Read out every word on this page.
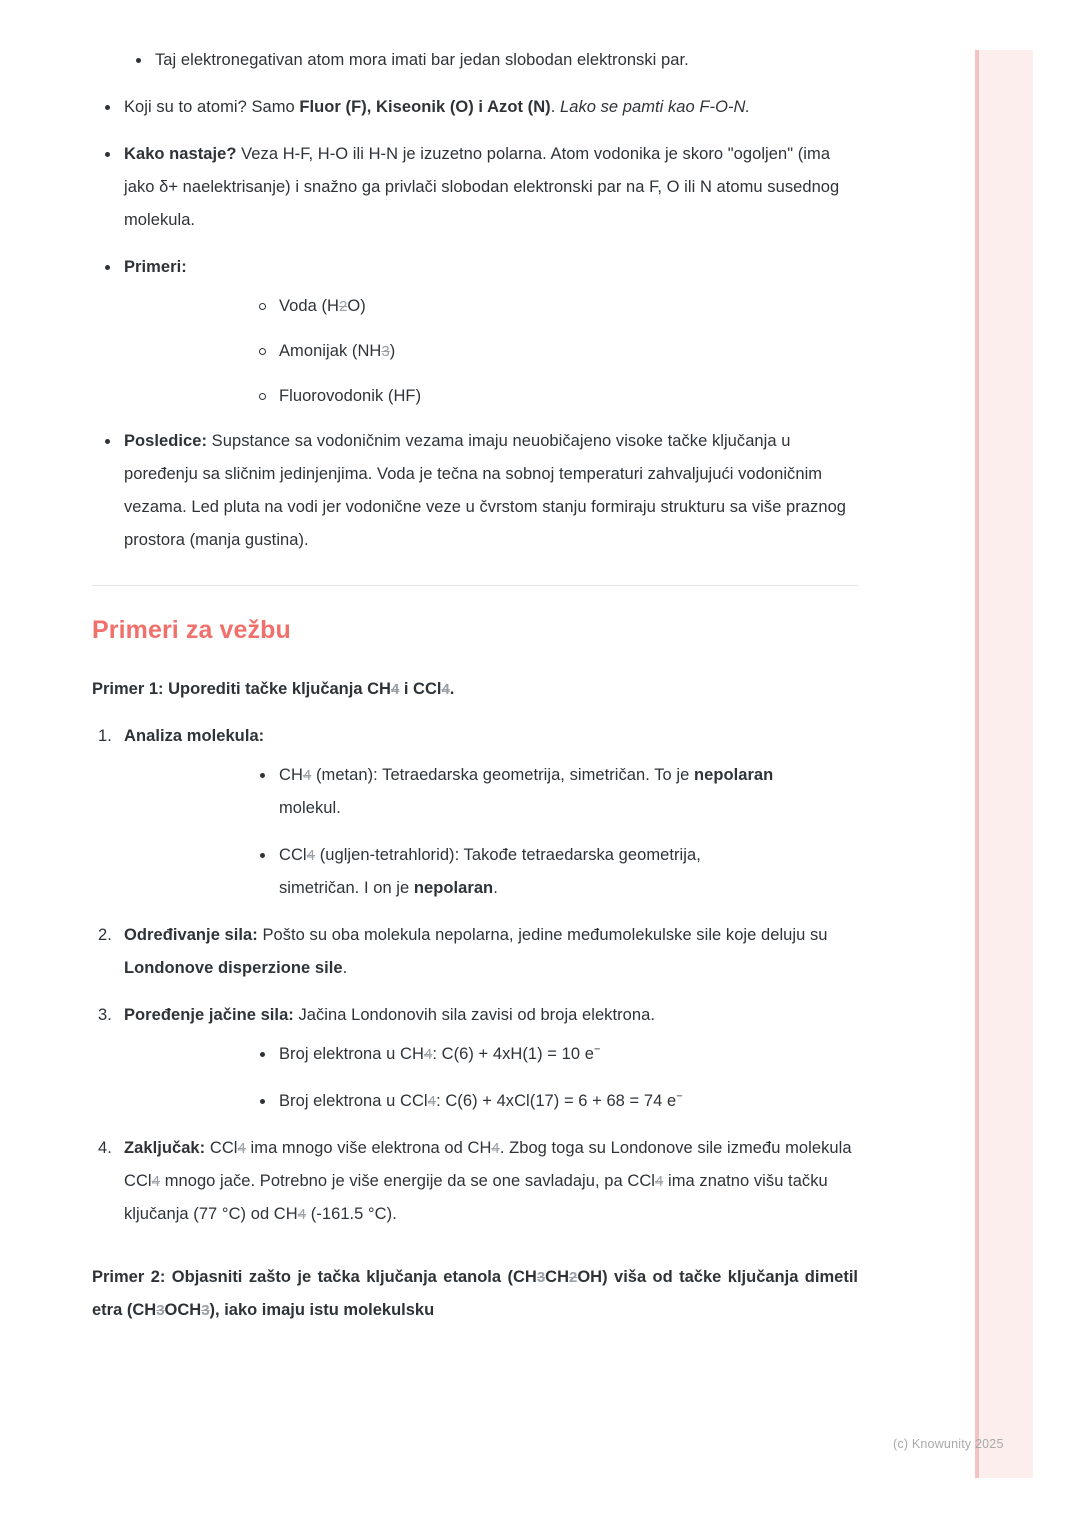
Taj elektronegativan atom mora imati bar jedan slobodan elektronski par.
Koji su to atomi? Samo Fluor (F), Kiseonik (O) i Azot (N). Lako se pamti kao F-O-N.
Kako nastaje? Veza H-F, H-O ili H-N je izuzetno polarna. Atom vodonika je skoro "ogoljen" (ima jako δ+ naelektrisanje) i snažno ga privlači slobodan elektronski par na F, O ili N atomu susednog molekula.
Primeri:
Voda (H2O)
Amonijak (NH3)
Fluorovodonik (HF)
Posledice: Supstance sa vodoničnim vezama imaju neuobičajeno visoke tačke ključanja u poređenju sa sličnim jedinjenjima. Voda je tečna na sobnoj temperaturi zahvaljujući vodoničnim vezama. Led pluta na vodi jer vodonične veze u čvrstom stanju formiraju strukturu sa više praznog prostora (manja gustina).
Primeri za vežbu
Primer 1: Uporediti tačke ključanja CH4 i CCl4.
1. Analiza molekula:
CH4 (metan): Tetraedarska geometrija, simetričan. To je nepolaran molekul.
CCl4 (ugljen-tetrahlorid): Takođe tetraedarska geometrija, simetričan. I on je nepolaran.
2. Određivanje sila: Pošto su oba molekula nepolarna, jedine međumolekulske sile koje deluju su Londonove disperzione sile.
3. Poređenje jačine sila: Jačina Londonovih sila zavisi od broja elektrona.
Broj elektrona u CH4: C(6) + 4xH(1) = 10 e−
Broj elektrona u CCl4: C(6) + 4xCl(17) = 6 + 68 = 74 e−
4. Zaključak: CCl4 ima mnogo više elektrona od CH4. Zbog toga su Londonove sile između molekula CCl4 mnogo jače. Potrebno je više energije da se one savladaju, pa CCl4 ima znatno višu tačku ključanja (77 °C) od CH4 (-161.5 °C).
Primer 2: Objasniti zašto je tačka ključanja etanola (CH3CH2OH) viša od tačke ključanja dimetil etra (CH3OCH3), iako imaju istu molekulsku
(c) Knowunity 2025
